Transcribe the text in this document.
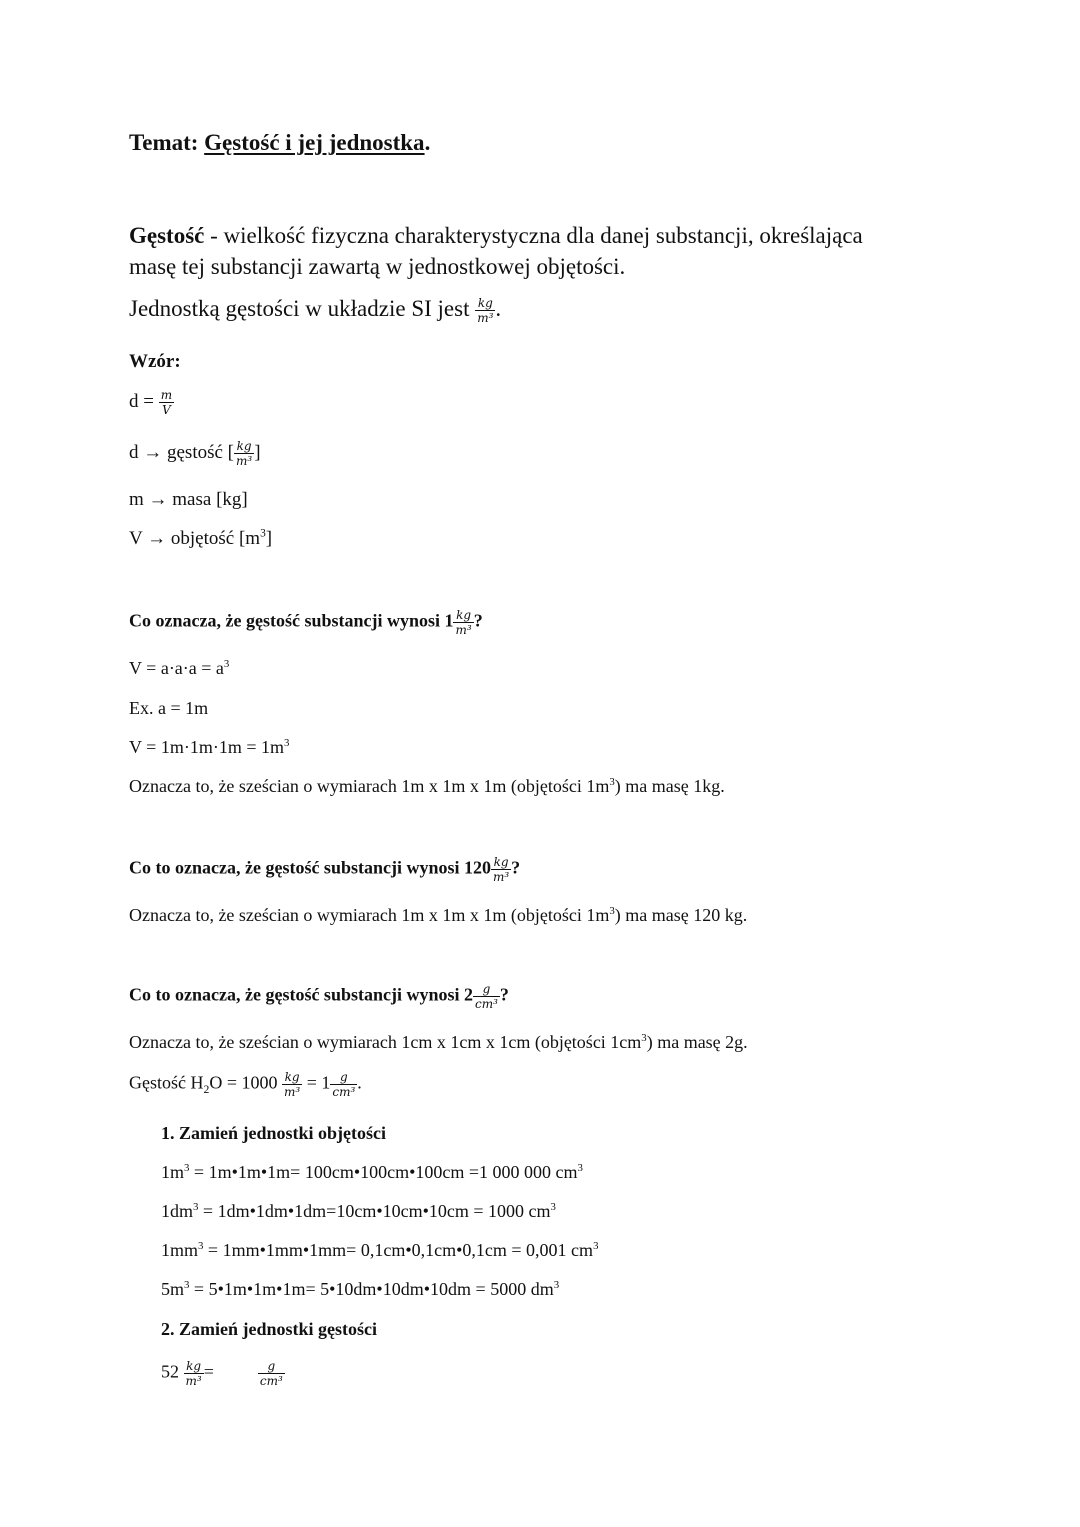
Temat: Gęstość i jej jednostka.
Gęstość - wielkość fizyczna charakterystyczna dla danej substancji, określająca
masę tej substancji zawartą w jednostkowej objętości.
Jednostką gęstości w układzie SI jest $\frac{kg}{\text{m³}}$ .
Wzór:
$d = \frac{m}{V}$
d → gęstość [ $\frac{kg}{\text{m³}}$ ]
m → masa [kg]
V → objętość $[m^3]$
Co oznacza, że gęstość substancji wynosi $1 \frac{kg}{\text{m³}}$ ?
$V = a\cdot a\cdot a = a^3$
Ex. a = 1m
$V = 1m\cdot 1m\cdot 1m = 1m^3$
Oznacza to, że sześcian o wymiarach 1m x 1m x 1m (objętości $1m^3$) ma masę 1kg.
Co to oznacza, że gęstość substancji wynosi $120 \frac{kg}{\text{m³}}$ ?
Oznacza to, że sześcian o wymiarach 1m x 1m x 1m (objętości $1m^3$) ma masę 120 kg.
Co to oznacza, że gęstość substancji wynosi $2 \frac{g}{\text{cm³}}$ ?
Oznacza to, że sześcian o wymiarach 1cm x 1cm x 1cm (objętości $1cm^3$) ma masę 2g.
Gęstość $H_2O = 1000 \frac{kg}{\text{m³}} = 1 \frac{g}{\text{cm³}}$ .
1. Zamień jednostki objętości
$1m^3$ = 1m•1m•1m= 100cm•100cm•100cm =1 000 000 $cm^3$
$1dm^3$ = 1dm•1dm•1dm=10cm•10cm•10cm = 1000 $cm^3$
$1mm^3$ = 1mm•1mm•1mm= 0,1cm•0,1cm•0,1cm = 0,001 $cm^3$
$5m^3$ = 5•1m•1m•1m= 5•10dm•10dm•10dm = 5000 $dm^3$
2. Zamień jednostki gęstości
$52 \frac{kg}{\text{m³}}$ =	$\frac{g}{\text{cm³}}$
